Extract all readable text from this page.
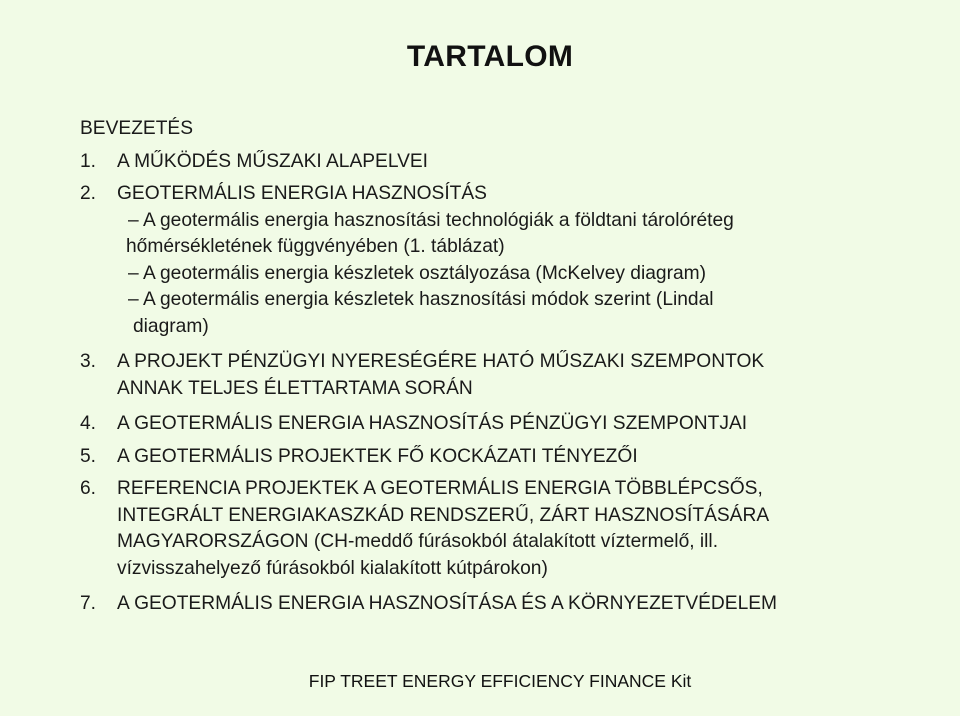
TARTALOM
BEVEZETÉS
1. A MŰKÖDÉS MŰSZAKI ALAPELVEI
2. GEOTERMÁLIS ENERGIA HASZNOSÍTÁS
– A geotermális energia hasznosítási technológiák a földtani tárolóréteg
hőmérsékletének függvényében (1. táblázat)
– A geotermális energia készletek osztályozása (McKelvey diagram)
– A geotermális energia készletek hasznosítási módok szerint (Lindal
diagram)
3. A PROJEKT PÉNZÜGYI NYERESÉGÉRE HATÓ MŰSZAKI SZEMPONTOK
ANNAK TELJES ÉLETTARTAMA SORÁN
4. A GEOTERMÁLIS ENERGIA HASZNOSÍTÁS PÉNZÜGYI SZEMPONTJAI
5. A GEOTERMÁLIS PROJEKTEK FŐ KOCKÁZATI TÉNYEZŐI
6. REFERENCIA PROJEKTEK A GEOTERMÁLIS ENERGIA TÖBBLÉPCSŐS,
INTEGRÁLT ENERGIAKASZKÁD RENDSZERŰ, ZÁRT HASZNOSÍTÁSÁRA
MAGYARORSZÁGON (CH-meddő fúrásokból átalakított víztermelő, ill.
vízvisszahelyező fúrásokból kialakított kútpárokon)
7. A GEOTERMÁLIS ENERGIA HASZNOSÍTÁSA ÉS A KÖRNYEZETVÉDELEM
FIP TREET ENERGY EFFICIENCY FINANCE Kit
